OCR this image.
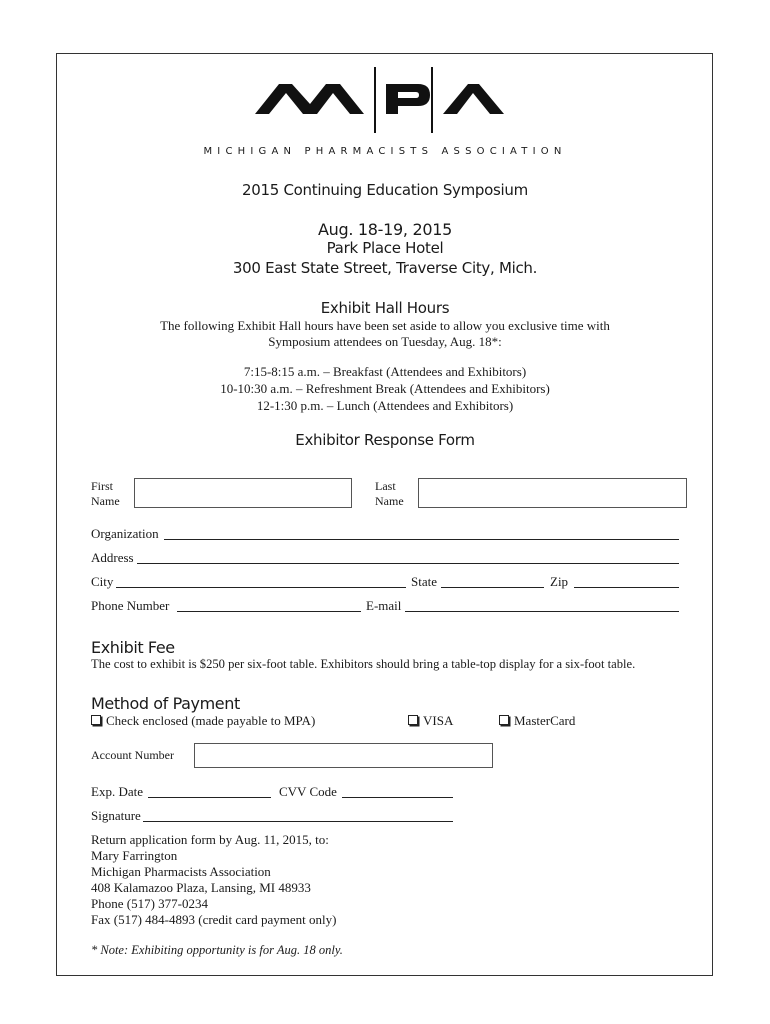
MICHIGAN PHARMACISTS ASSOCIATION
2015 Continuing Education Symposium
Aug. 18-19, 2015
Park Place Hotel
300 East State Street, Traverse City, Mich.
Exhibit Hall Hours
The following Exhibit Hall hours have been set aside to allow you exclusive time with
Symposium attendees on Tuesday, Aug. 18*:
7:15-8:15 a.m. – Breakfast (Attendees and Exhibitors)
10-10:30 a.m. – Refreshment Break (Attendees and Exhibitors)
12-1:30 p.m. – Lunch (Attendees and Exhibitors)
Exhibitor Response Form
First
Name
Last
Name
Organization
Address
City	State	Zip
Phone Number	E-mail
Exhibit Fee
The cost to exhibit is $250 per six-foot table. Exhibitors should bring a table-top display for a six-foot table.
Method of Payment
Check enclosed (made payable to MPA)	VISA	MasterCard
Account Number
Exp. Date	CVV Code
Signature
Return application form by Aug. 11, 2015, to:
Mary Farrington
Michigan Pharmacists Association
408 Kalamazoo Plaza, Lansing, MI 48933
Phone (517) 377-0234
Fax (517) 484-4893 (credit card payment only)
* Note: Exhibiting opportunity is for Aug. 18 only.
